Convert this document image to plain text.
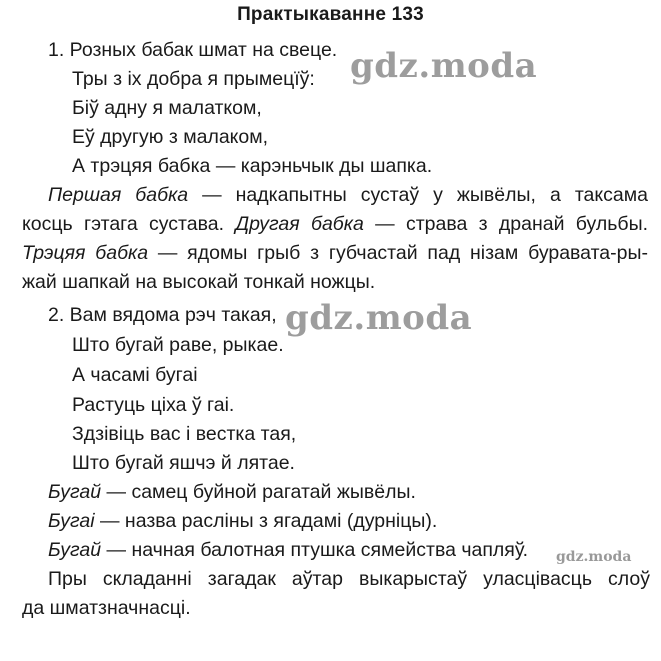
Практыкаванне 133
1. Розных бабак шмат на свеце.
Тры з іх добра я прымецїў:
Біў адну я малатком,
Еў другую з малаком,
А трэцяя бабка — карэньчык ды шапка.
Першая бабка — надкапытны сустаў у жывёлы, а таксама
косць гэтага сустава. Другая бабка — страва з дранай бульбы.
Трэцяя бабка — ядомы грыб з губчастай пад нізам буравата-ры-
жай шапкай на высокай тонкай ножцы.
2. Вам вядома рэч такая,
Што бугай раве, рыкае.
А часамі бугаі
Растуць ціха ў гаі.
Здзівіць вас і вестка тая,
Што бугай яшчэ й лятае.
Бугай — самец буйной рагатай жывёлы.
Бугаі — назва расліны з ягадамі (дурніцы).
Бугай — начная балотная птушка сямейства чапляў.
Пры складанні загадак аўтар выкарыстаў уласцівасць слоў
да шматзначнасці.
gdz.moda
gdz.moda
gdz.moda
